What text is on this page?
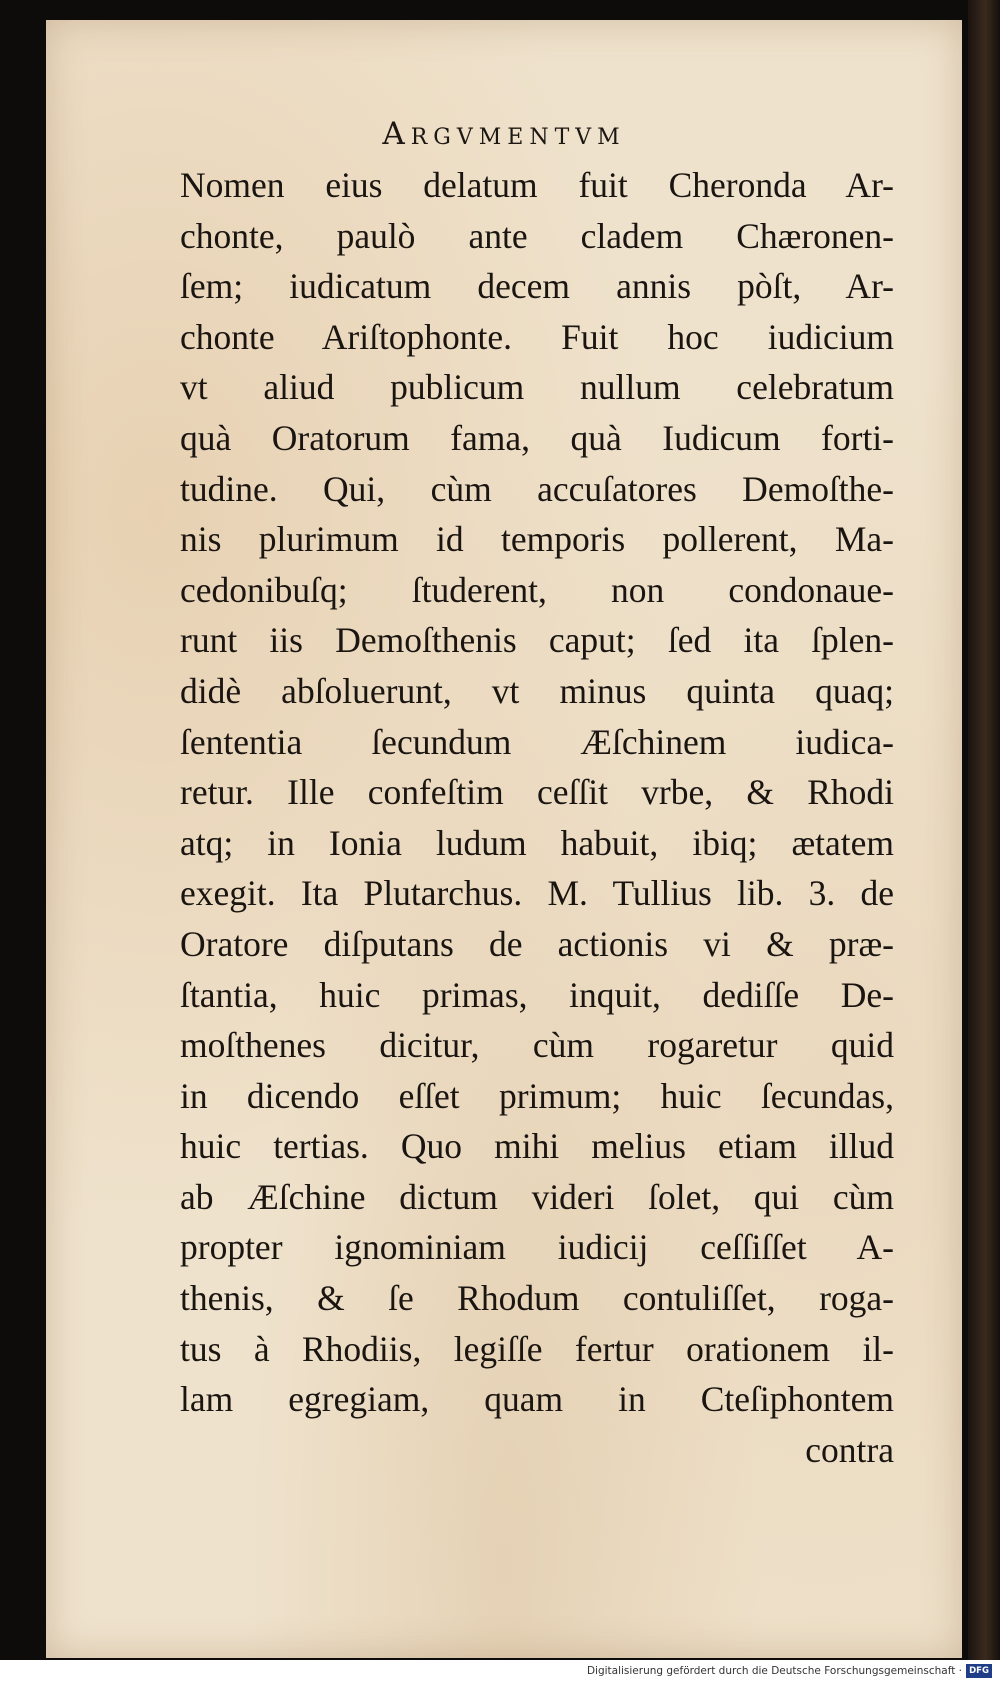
Argvmentvm
Nomen eius delatum fuit Cheronda Ar-
chonte, paulò ante cladem Chæronen-
ſem; iudicatum decem annis pòſt, Ar-
chonte Ariſtophonte. Fuit hoc iudicium
vt aliud publicum nullum celebratum
quà Oratorum fama, quà Iudicum forti-
tudine. Qui, cùm accuſatores Demoſthe-
nis plurimum id temporis pollerent, Ma-
cedonibuſq; ſtuderent, non condonaue-
runt iis Demoſthenis caput; ſed ita ſplen-
didè abſoluerunt, vt minus quinta quaq;
ſententia ſecundum Æſchinem iudica-
retur. Ille confeſtim ceſſit vrbe, & Rhodi
atq; in Ionia ludum habuit, ibiq; ætatem
exegit. Ita Plutarchus. M. Tullius lib. 3. de
Oratore diſputans de actionis vi & præ-
ſtantia, huic primas, inquit, dediſſe De-
moſthenes dicitur, cùm rogaretur quid
in dicendo eſſet primum; huic ſecundas,
huic tertias. Quo mihi melius etiam illud
ab Æſchine dictum videri ſolet, qui cùm
propter ignominiam iudicij ceſſiſſet A-
thenis, & ſe Rhodum contuliſſet, roga-
tus à Rhodiis, legiſſe fertur orationem il-
lam egregiam, quam in Cteſiphontem
contra
Digitalisierung gefördert durch die Deutsche Forschungsgemeinschaft · DFG
